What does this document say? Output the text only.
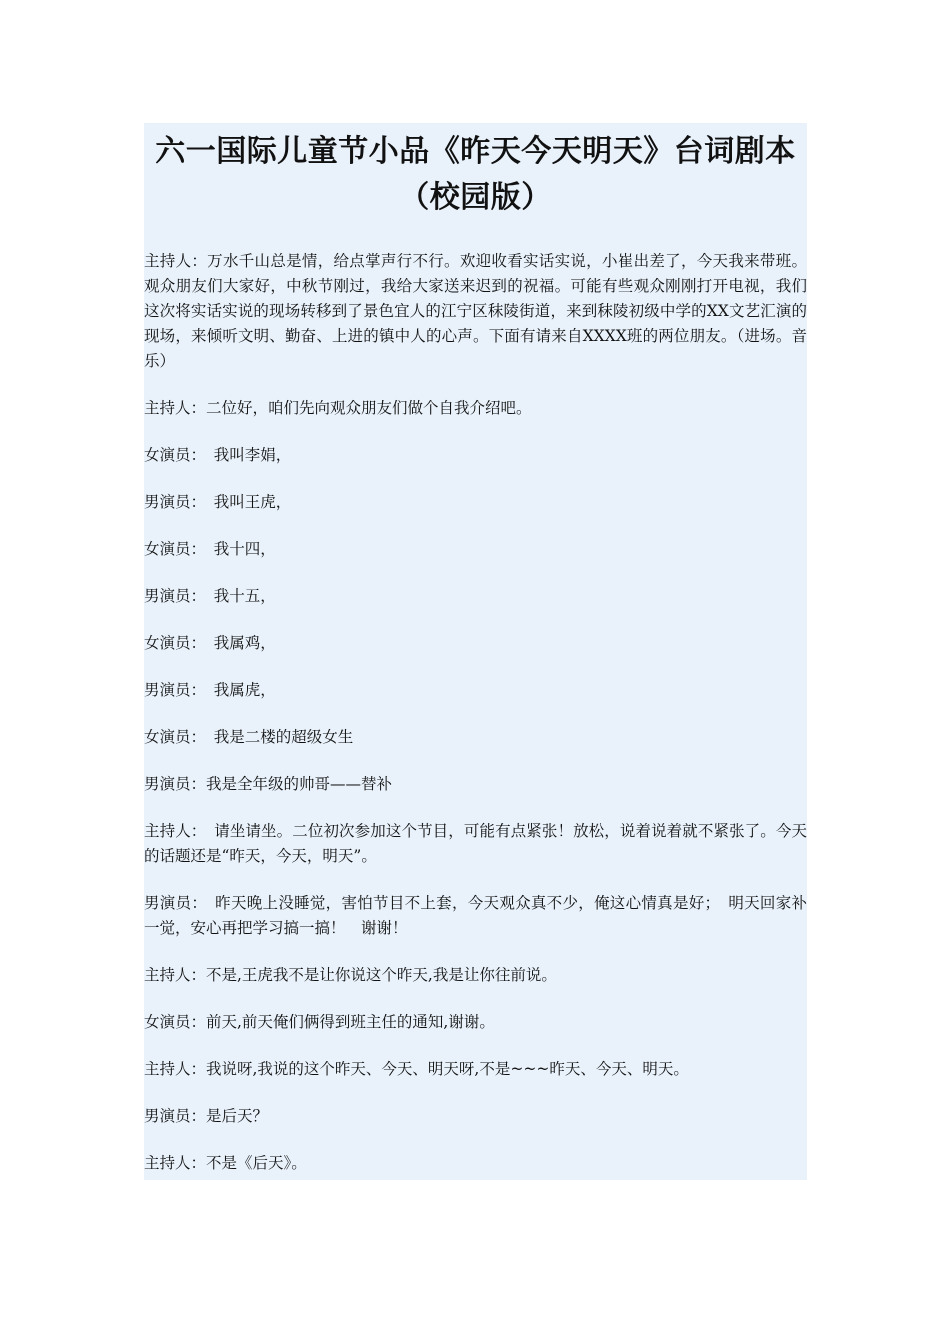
六一国际儿童节小品《昨天今天明天》台词剧本（校园版）

主持人：万水千山总是情，给点掌声行不行。欢迎收看实话实说，小崔出差了，今天我来带班。观众朋友们大家好，中秋节刚过，我给大家送来迟到的祝福。可能有些观众刚刚打开电视，我们这次将实话实说的现场转移到了景色宜人的江宁区秣陵街道，来到秣陵初级中学的XX文艺汇演的现场，来倾听文明、勤奋、上进的镇中人的心声。下面有请来自XXXX班的两位朋友。（进场。音乐）

主持人：二位好，咱们先向观众朋友们做个自我介绍吧。

女演员：　我叫李娟，

男演员：　我叫王虎，

女演员：　我十四，

男演员：　我十五，

女演员：　我属鸡，

男演员：　我属虎，

女演员：　我是二楼的超级女生

男演员：我是全年级的帅哥——替补

主持人：　请坐请坐。二位初次参加这个节目，可能有点紧张！放松，说着说着就不紧张了。今天的话题还是“昨天，今天，明天”。

男演员：　昨天晚上没睡觉，害怕节目不上套，今天观众真不少，俺这心情真是好；　明天回家补一觉，安心再把学习搞一搞！　谢谢！

主持人：不是,王虎我不是让你说这个昨天,我是让你往前说。

女演员：前天,前天俺们俩得到班主任的通知,谢谢。

主持人：我说呀,我说的这个昨天、今天、明天呀,不是~~~昨天、今天、明天。

男演员：是后天？

主持人：不是《后天》。
